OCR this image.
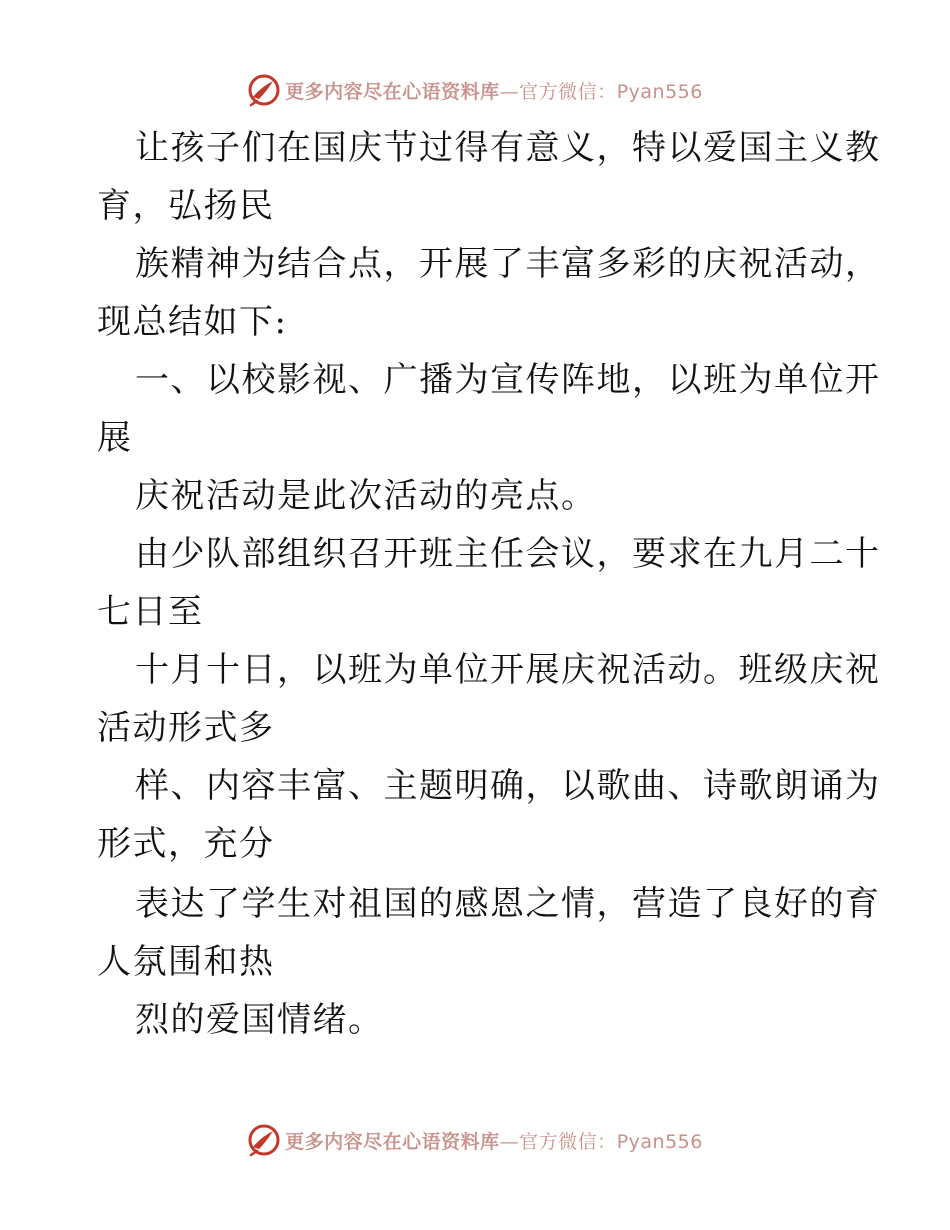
更多内容尽在心语资料库—官方微信：Pyan556
让孩子们在国庆节过得有意义，特以爱国主义教
育，弘扬民
族精神为结合点，开展了丰富多彩的庆祝活动，
现总结如下:
一、以校影视、广播为宣传阵地，以班为单位开
展
庆祝活动是此次活动的亮点。
由少队部组织召开班主任会议，要求在九月二十
七日至
十月十日，以班为单位开展庆祝活动。班级庆祝
活动形式多
样、内容丰富、主题明确，以歌曲、诗歌朗诵为
形式，充分
表达了学生对祖国的感恩之情，营造了良好的育
人氛围和热
烈的爱国情绪。
更多内容尽在心语资料库—官方微信：Pyan556
